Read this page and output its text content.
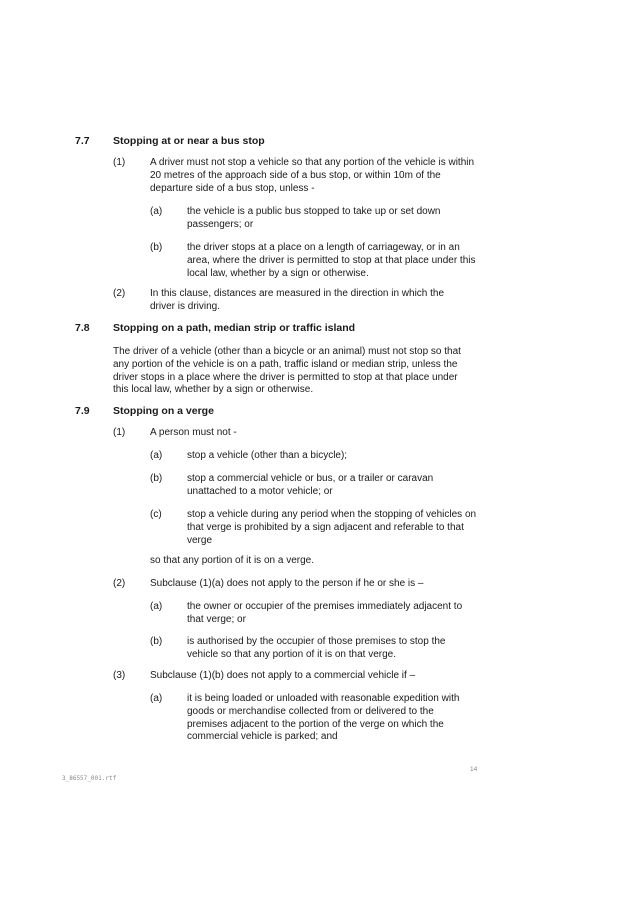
7.7 Stopping at or near a bus stop
(1) A driver must not stop a vehicle so that any portion of the vehicle is within 20 metres of the approach side of a bus stop, or within 10m of the departure side of a bus stop, unless -
(a) the vehicle is a public bus stopped to take up or set down passengers; or
(b) the driver stops at a place on a length of carriageway, or in an area, where the driver is permitted to stop at that place under this local law, whether by a sign or otherwise.
(2) In this clause, distances are measured in the direction in which the driver is driving.
7.8 Stopping on a path, median strip or traffic island
The driver of a vehicle (other than a bicycle or an animal) must not stop so that any portion of the vehicle is on a path, traffic island or median strip, unless the driver stops in a place where the driver is permitted to stop at that place under this local law, whether by a sign or otherwise.
7.9 Stopping on a verge
(1) A person must not -
(a) stop a vehicle (other than a bicycle);
(b) stop a commercial vehicle or bus, or a trailer or caravan unattached to a motor vehicle; or
(c)	stop a vehicle during any period when the stopping of vehicles on that verge is prohibited by a sign adjacent and referable to that verge
so that any portion of it is on a verge.
(2) Subclause (1)(a) does not apply to the person if he or she is –
(a) the owner or occupier of the premises immediately adjacent to that verge; or
(b) is authorised by the occupier of those premises to stop the vehicle so that any portion of it is on that verge.
(3) Subclause (1)(b) does not apply to a commercial vehicle if –
(a) it is being loaded or unloaded with reasonable expedition with goods or merchandise collected from or delivered to the premises adjacent to the portion of the verge on which the commercial vehicle is parked; and
14
3_86557_001.rtf
